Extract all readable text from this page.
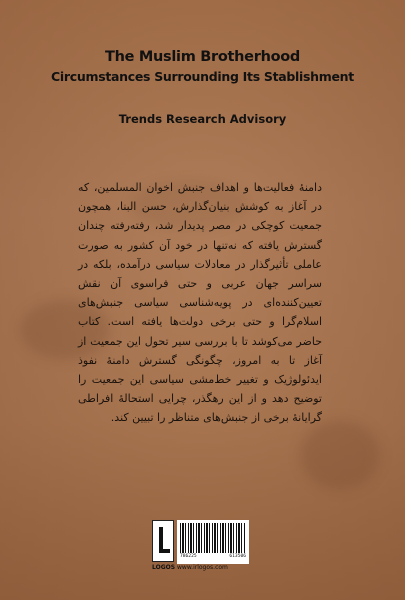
The Muslim Brotherhood
Circumstances Surrounding Its Stablishment
Trends Research Advisory
دامنهٔ فعالیت‌ها و اهداف جنبش اخوان المسلمین، که در آغاز به کوشش بنیان‌گذارش، حسن البنا، همچون جمعیت کوچکی در مصر پدیدار شد، رفته‌رفته چندان گسترش یافته که نه‌تنها در خود آن کشور به صورت عاملی تأثیرگذار در معادلات سیاسی درآمده، بلکه در سراسر جهان عربی و حتی فراسوی آن نقش تعیین‌کننده‌ای در پویه‌شناسی سیاسی جنبش‌های اسلام‌گرا و حتی برخی دولت‌ها یافته است. کتاب حاضر می‌کوشد تا با بررسی سیر تحول این جمعیت از آغاز تا به امروز، چگونگی گسترش دامنهٔ نفوذ ایدئولوژیک و تغییر خط‌مشی سیاسی این جمعیت را توضیح دهد و از این رهگذر، چرایی استحالهٔ افراطی گرایانهٔ برخی از جنبش‌های متناظر را تبیین کند.
LOGOS
786225	613506
www.irlogos.com
